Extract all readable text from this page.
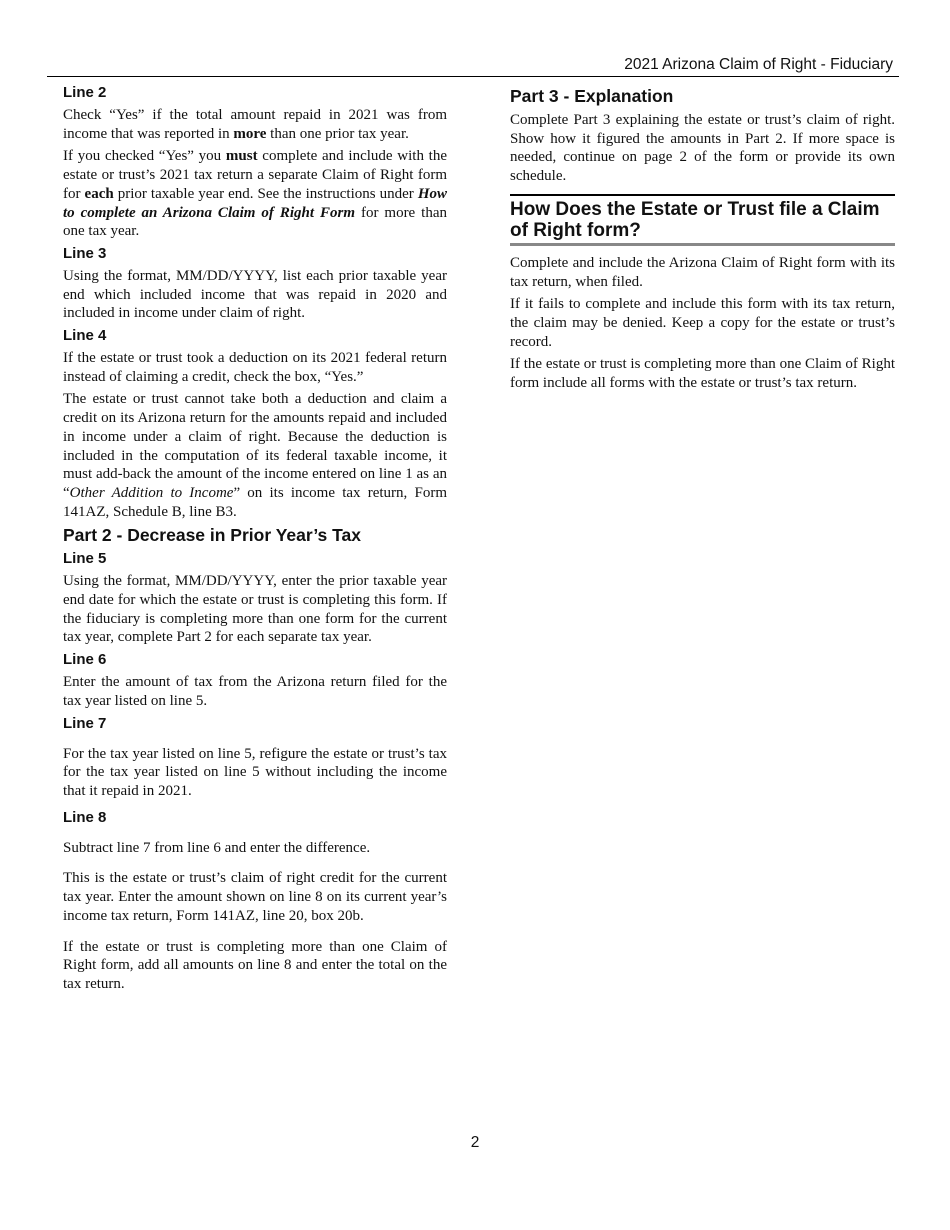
2021 Arizona Claim of Right - Fiduciary
Line 2

Check “Yes” if the total amount repaid in 2021 was from income that was reported in more than one prior tax year.

If you checked “Yes” you must complete and include with the estate or trust’s 2021 tax return a separate Claim of Right form for each prior taxable year end. See the instructions under How to complete an Arizona Claim of Right Form for more than one tax year.

Line 3

Using the format, MM/DD/YYYY, list each prior taxable year end which included income that was repaid in 2020 and included in income under claim of right.

Line 4

If the estate or trust took a deduction on its 2021 federal return instead of claiming a credit, check the box, “Yes.”

The estate or trust cannot take both a deduction and claim a credit on its Arizona return for the amounts repaid and included in income under a claim of right. Because the deduction is included in the computation of its federal taxable income, it must add-back the amount of the income entered on line 1 as an “Other Addition to Income” on its income tax return, Form 141AZ, Schedule B, line B3.

Part 2 - Decrease in Prior Year’s Tax
Line 5

Using the format, MM/DD/YYYY, enter the prior taxable year end date for which the estate or trust is completing this form. If the fiduciary is completing more than one form for the current tax year, complete Part 2 for each separate tax year.

Line 6

Enter the amount of tax from the Arizona return filed for the tax year listed on line 5.

Line 7

For the tax year listed on line 5, refigure the estate or trust’s tax for the tax year listed on line 5 without including the income that it repaid in 2021.

Line 8

Subtract line 7 from line 6 and enter the difference.

This is the estate or trust’s claim of right credit for the current tax year. Enter the amount shown on line 8 on its current year’s income tax return, Form 141AZ, line 20, box 20b.

If the estate or trust is completing more than one Claim of Right form, add all amounts on line 8 and enter the total on the tax return.

Part 3 - Explanation

Complete Part 3 explaining the estate or trust’s claim of right. Show how it figured the amounts in Part 2. If more space is needed, continue on page 2 of the form or provide its own schedule.

How Does the Estate or Trust file a Claim of Right form?

Complete and include the Arizona Claim of Right form with its tax return, when filed.

If it fails to complete and include this form with its tax return, the claim may be denied. Keep a copy for the estate or trust’s record.

If the estate or trust is completing more than one Claim of Right form include all forms with the estate or trust’s tax return.

2
